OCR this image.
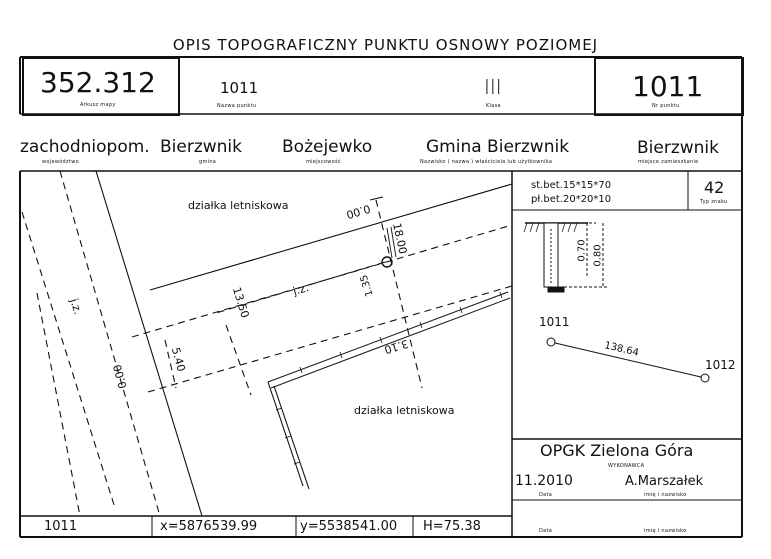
OPIS TOPOGRAFICZNY PUNKTU OSNOWY POZIOMEJ
352.312
Arkusz mapy
1011
Nazwa punktu
III
Klasa
1011
Nr punktu
zachodniopom.
województwo
Bierzwnik
gmina
Bożejewko
miejscowość
Gmina Bierzwnik
Nazwisko ( nazwa ) właściciela lub użytkownika
Bierzwnik
miejsce zamieszkanie
działka letniskowa
działka letniskowa
j.z.
j.z.
0.00
18.00
1.35
13.50
3.10
5.40
0.00
st.bet.15*15*70
pł.bet.20*20*10
42
Typ znaku
0.70 0.80
1011
138.64
1012
OPGK Zielona Góra
WYKONAWCA
11.2010
Data
A.Marszałek
imię i nazwisko
Data	imię i nazwisko
1011	x=5876539.99	y=5538541.00 H=75.38
